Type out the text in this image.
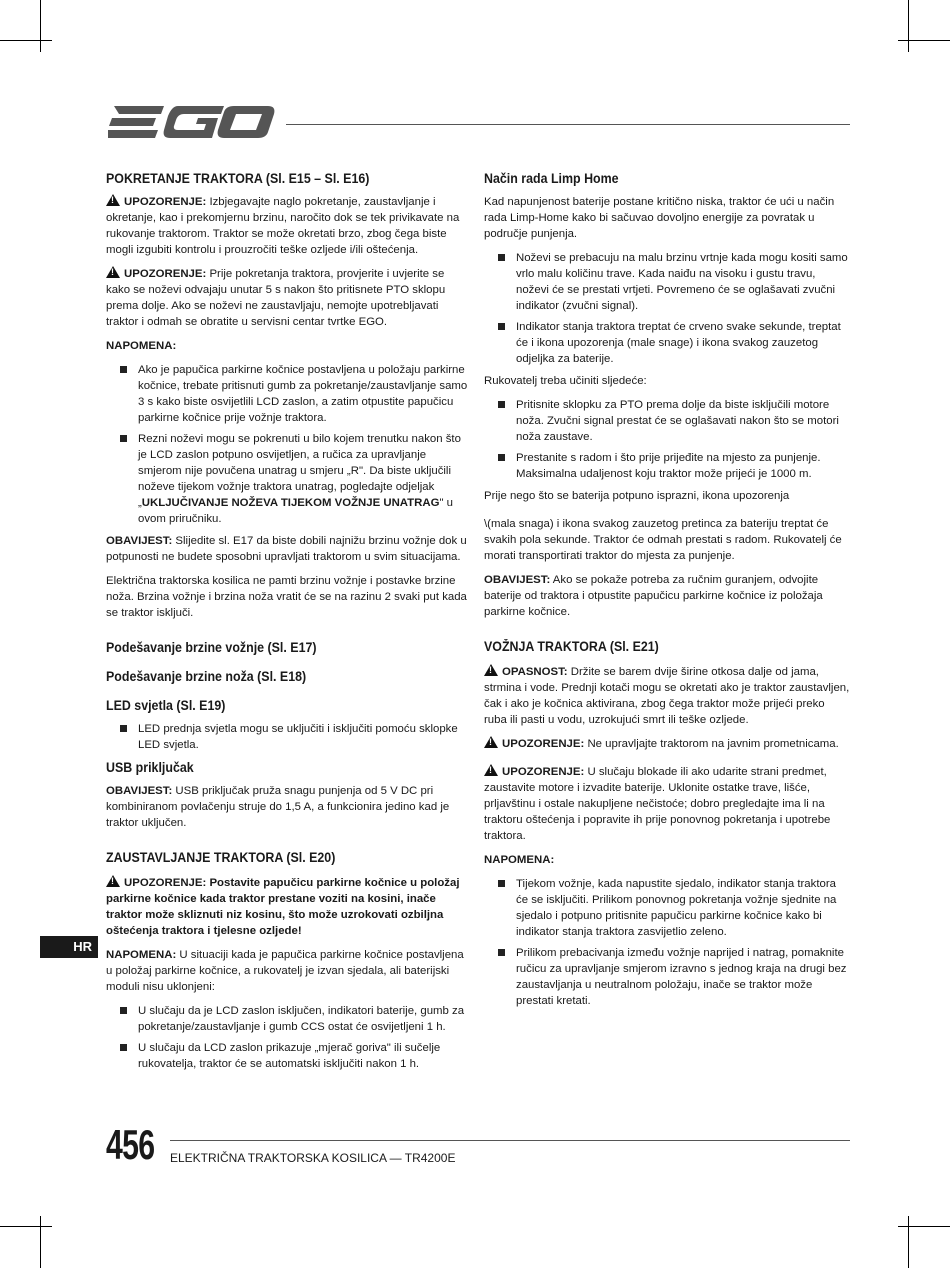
POKRETANJE TRAKTORA (Sl. E15 – Sl. E16)

!UPOZORENJE: Izbjegavajte naglo pokretanje, zaustavljanje i okretanje, kao i prekomjernu brzinu, naročito dok se tek privikavate na rukovanje traktorom. Traktor se može okretati brzo, zbog čega biste mogli izgubiti kontrolu i prouzročiti teške ozljede i/ili oštećenja.

!UPOZORENJE: Prije pokretanja traktora, provjerite i uvjerite se kako se noževi odvajaju unutar 5 s nakon što pritisnete PTO sklopu prema dolje. Ako se noževi ne zaustavljaju, nemojte upotrebljavati traktor i odmah se obratite u servisni centar tvrtke EGO.

NAPOMENA:

Ako je papučica parkirne kočnice postavljena u položaju parkirne kočnice, trebate pritisnuti gumb za pokretanje/zaustavljanje samo 3 s kako biste osvijetlili LCD zaslon, a zatim otpustite papučicu parkirne kočnice prije vožnje traktora.
Rezni noževi mogu se pokrenuti u bilo kojem trenutku nakon što je LCD zaslon potpuno osvijetljen, a ručica za upravljanje smjerom nije povučena unatrag u smjeru „R". Da biste uključili noževe tijekom vožnje traktora unatrag, pogledajte odjeljak „UKLJUČIVANJE NOŽEVA TIJEKOM VOŽNJE UNATRAG" u ovom priručniku.

OBAVIJEST: Slijedite sl. E17 da biste dobili najnižu brzinu vožnje dok u potpunosti ne budete sposobni upravljati traktorom u svim situacijama.

Električna traktorska kosilica ne pamti brzinu vožnje i postavke brzine noža. Brzina vožnje i brzina noža vratit će se na razinu 2 svaki put kada se traktor isključi.

Podešavanje brzine vožnje (Sl. E17)
Podešavanje brzine noža (Sl. E18)
LED svjetla (Sl. E19)
LED prednja svjetla mogu se uključiti i isključiti pomoću sklopke LED svjetla.
USB priključak

OBAVIJEST: USB priključak pruža snagu punjenja od 5 V DC pri kombiniranom povlačenju struje do 1,5 A, a funkcionira jedino kad je traktor uključen.

ZAUSTAVLJANJE TRAKTORA (Sl. E20)

!UPOZORENJE: Postavite papučicu parkirne kočnice u položaj parkirne kočnice kada traktor prestane voziti na kosini, inače traktor može skliznuti niz kosinu, što može uzrokovati ozbiljna oštećenja traktora i tjelesne ozljede!

NAPOMENA: U situaciji kada je papučica parkirne kočnice postavljena u položaj parkirne kočnice, a rukovatelj je izvan sjedala, ali baterijski moduli nisu uklonjeni:

U slučaju da je LCD zaslon isključen, indikatori baterije, gumb za pokretanje/zaustavljanje i gumb CCS ostat će osvijetljeni 1 h.
U slučaju da LCD zaslon prikazuje „mjerač goriva" ili sučelje rukovatelja, traktor će se automatski isključiti nakon 1 h.
Način rada Limp Home

Kad napunjenost baterije postane kritično niska, traktor će ući u način rada Limp-Home kako bi sačuvao dovoljno energije za povratak u područje punjenja.

Noževi se prebacuju na malu brzinu vrtnje kada mogu kositi samo vrlo malu količinu trave. Kada naiđu na visoku i gustu travu, noževi će se prestati vrtjeti. Povremeno će se oglašavati zvučni indikator (zvučni signal).
Indikator stanja traktora treptat će crveno svake sekunde, treptat će i ikona upozorenja (male snage) i ikona svakog zauzetog odjeljka za baterije.

Rukovatelj treba učiniti sljedeće:

Pritisnite sklopku za PTO prema dolje da biste isključili motore noža. Zvučni signal prestat će se oglašavati nakon što se motori noža zaustave.
Prestanite s radom i što prije prijeđite na mjesto za punjenje. Maksimalna udaljenost koju traktor može prijeći je 1000 m.

Prije nego što se baterija potpuno isprazni, ikona upozorenja

\(mala snaga) i ikona svakog zauzetog pretinca za bateriju treptat će svakih pola sekunde. Traktor će odmah prestati s radom. Rukovatelj će morati transportirati traktor do mjesta za punjenje.

OBAVIJEST: Ako se pokaže potreba za ručnim guranjem, odvojite baterije od traktora i otpustite papučicu parkirne kočnice iz položaja parkirne kočnice.

VOŽNJA TRAKTORA (Sl. E21)

!OPASNOST: Držite se barem dvije širine otkosa dalje od jama, strmina i vode. Prednji kotači mogu se okretati ako je traktor zaustavljen, čak i ako je kočnica aktivirana, zbog čega traktor može prijeći preko ruba ili pasti u vodu, uzrokujući smrt ili teške ozljede.

!UPOZORENJE: Ne upravljajte traktorom na javnim prometnicama.

!UPOZORENJE: U slučaju blokade ili ako udarite strani predmet, zaustavite motore i izvadite baterije. Uklonite ostatke trave, lišće, prljavštinu i ostale nakupljene nečistoće; dobro pregledajte ima li na traktoru oštećenja i popravite ih prije ponovnog pokretanja i upotrebe traktora.

NAPOMENA:

Tijekom vožnje, kada napustite sjedalo, indikator stanja traktora će se isključiti. Prilikom ponovnog pokretanja vožnje sjednite na sjedalo i potpuno pritisnite papučicu parkirne kočnice kako bi indikator stanja traktora zasvijetlio zeleno.
Prilikom prebacivanja između vožnje naprijed i natrag, pomaknite ručicu za upravljanje smjerom izravno s jednog kraja na drugi bez zaustavljanja u neutralnom položaju, inače se traktor može prestati kretati.
HR
456 ELEKTRIČNA TRAKTORSKA KOSILICA — TR4200E
